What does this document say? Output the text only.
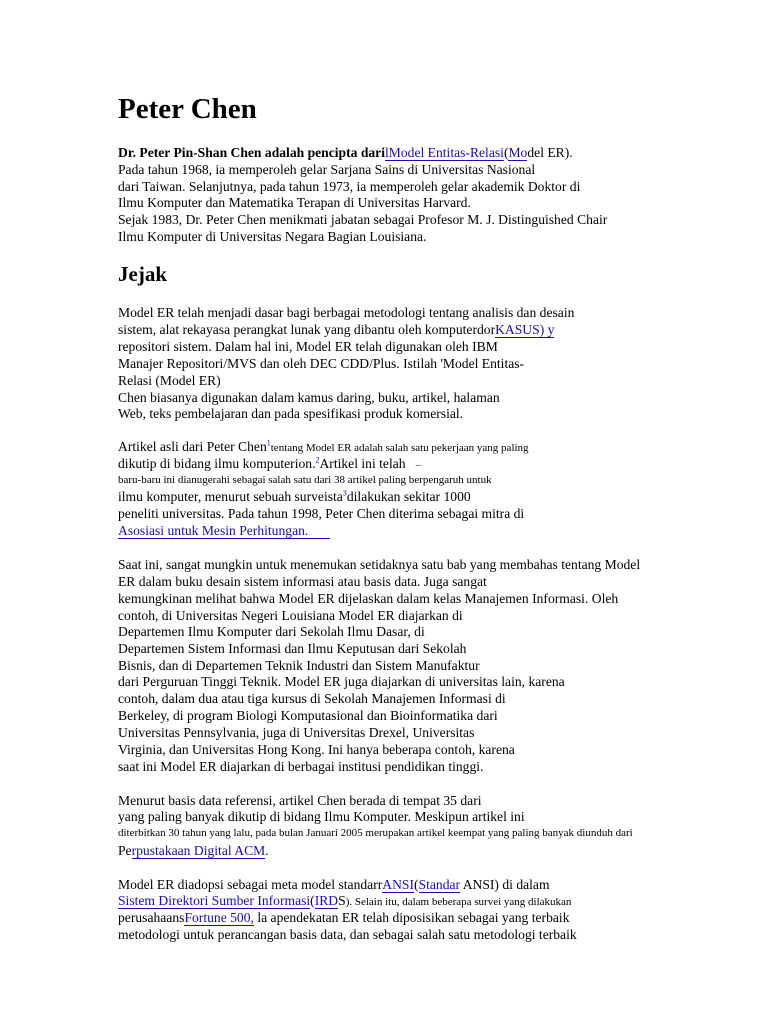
Peter Chen
Dr. Peter Pin-Shan Chen adalah pencipta darilModel Entitas-Relasi(Model ER).
Pada tahun 1968, ia memperoleh gelar Sarjana Sains di Universitas Nasional
dari Taiwan. Selanjutnya, pada tahun 1973, ia memperoleh gelar akademik Doktor di
Ilmu Komputer dan Matematika Terapan di Universitas Harvard.
Sejak 1983, Dr. Peter Chen menikmati jabatan sebagai Profesor M. J. Distinguished Chair
Ilmu Komputer di Universitas Negara Bagian Louisiana.
Jejak
Model ER telah menjadi dasar bagi berbagai metodologi tentang analisis dan desain
sistem, alat rekayasa perangkat lunak yang dibantu oleh komputerdorKASUS) y
repositori sistem. Dalam hal ini, Model ER telah digunakan oleh IBM
Manajer Repositori/MVS dan oleh DEC CDD/Plus. Istilah 'Model Entitas-
Relasi (Model ER)
Chen biasanya digunakan dalam kamus daring, buku, artikel, halaman
Web, teks pembelajaran dan pada spesifikasi produk komersial.
Artikel asli dari Peter Chen$^1$tentang Model ER adalah salah satu pekerjaan yang paling
dikutip di bidang ilmu komputerion.$^2$Artikel ini telah –
baru-baru ini dianugerahi sebagai salah satu dari 38 artikel paling berpengaruh untuk
ilmu komputer, menurut sebuah surveista$^3$dilakukan sekitar 1000
peneliti universitas. Pada tahun 1998, Peter Chen diterima sebagai mitra di
Asosiasi untuk Mesin Perhitungan.
Saat ini, sangat mungkin untuk menemukan setidaknya satu bab yang membahas tentang Model
ER dalam buku desain sistem informasi atau basis data. Juga sangat
kemungkinan melihat bahwa Model ER dijelaskan dalam kelas Manajemen Informasi. Oleh
contoh, di Universitas Negeri Louisiana Model ER diajarkan di
Departemen Ilmu Komputer dari Sekolah Ilmu Dasar, di
Departemen Sistem Informasi dan Ilmu Keputusan dari Sekolah
Bisnis, dan di Departemen Teknik Industri dan Sistem Manufaktur
dari Perguruan Tinggi Teknik. Model ER juga diajarkan di universitas lain, karena
contoh, dalam dua atau tiga kursus di Sekolah Manajemen Informasi di
Berkeley, di program Biologi Komputasional dan Bioinformatika dari
Universitas Pennsylvania, juga di Universitas Drexel, Universitas
Virginia, dan Universitas Hong Kong. Ini hanya beberapa contoh, karena
saat ini Model ER diajarkan di berbagai institusi pendidikan tinggi.
Menurut basis data referensi, artikel Chen berada di tempat 35 dari
yang paling banyak dikutip di bidang Ilmu Komputer. Meskipun artikel ini
diterbitkan 30 tahun yang lalu, pada bulan Januari 2005 merupakan artikel keempat yang paling banyak diunduh dari
Perpustakaan Digital ACM.
Model ER diadopsi sebagai meta model standarrANSI(Standar ANSI) di dalam
Sistem Direktori Sumber Informasi(IRDS). Selain itu, dalam beberapa survei yang dilakukan
perusahaansFortune 500, la apendekatan ER telah diposisikan sebagai yang terbaik
metodologi untuk perancangan basis data, dan sebagai salah satu metodologi terbaik
